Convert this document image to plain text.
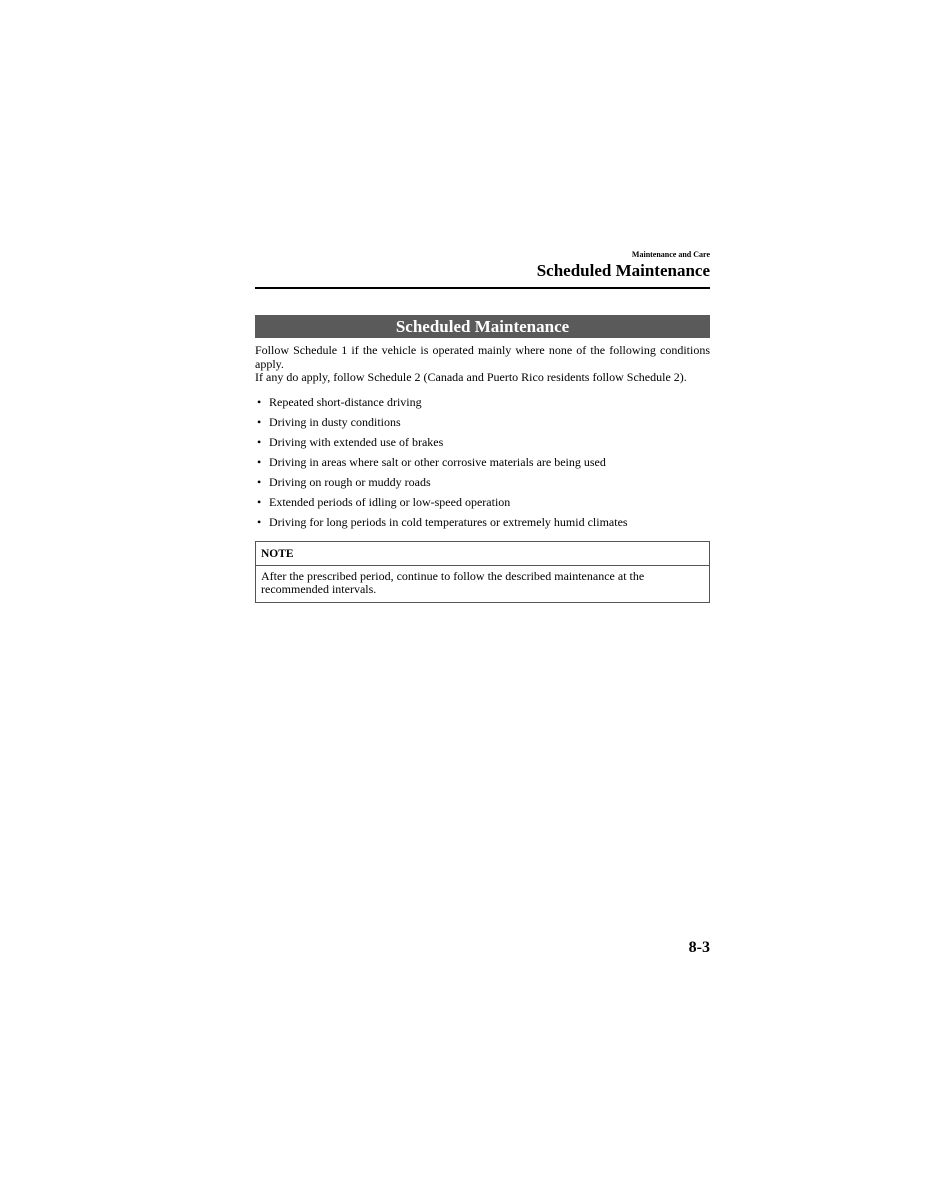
Maintenance and Care

Scheduled Maintenance

Scheduled Maintenance

Follow Schedule 1 if the vehicle is operated mainly where none of the following conditions apply.

If any do apply, follow Schedule 2 (Canada and Puerto Rico residents follow Schedule 2).

• Repeated short-distance driving
• Driving in dusty conditions
• Driving with extended use of brakes
• Driving in areas where salt or other corrosive materials are being used
• Driving on rough or muddy roads
• Extended periods of idling or low-speed operation
• Driving for long periods in cold temperatures or extremely humid climates
NOTE
After the prescribed period, continue to follow the described maintenance at the recommended intervals.

8-3
